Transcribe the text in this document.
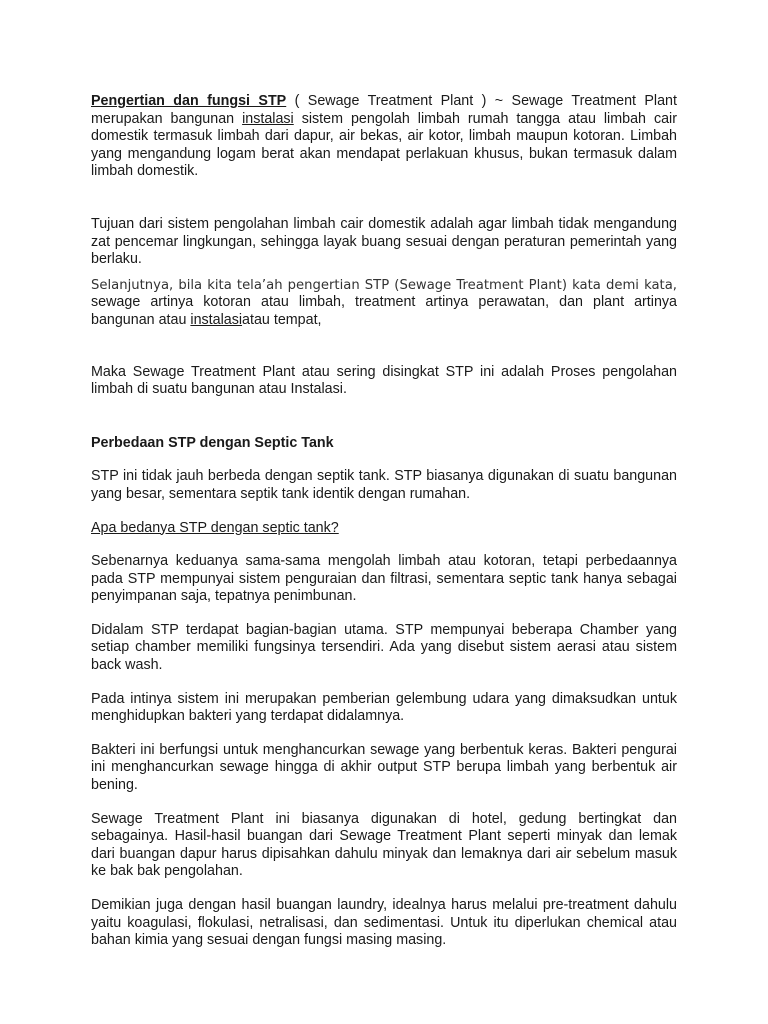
Pengertian dan fungsi STP ( Sewage Treatment Plant ) ~ Sewage Treatment Plant merupakan bangunan instalasi sistem pengolah limbah rumah tangga atau limbah cair domestik termasuk limbah dari dapur, air bekas, air kotor, limbah maupun kotoran. Limbah yang mengandung logam berat akan mendapat perlakuan khusus, bukan termasuk dalam limbah domestik.

Tujuan dari sistem pengolahan limbah cair domestik adalah agar limbah tidak mengandung zat pencemar lingkungan, sehingga layak buang sesuai dengan peraturan pemerintah yang berlaku.

Selanjutnya, bila kita tela’ah pengertian STP (Sewage Treatment Plant) kata demi kata, sewage artinya kotoran atau limbah, treatment artinya perawatan, dan plant artinya bangunan atau instalasiatau tempat,

Maka Sewage Treatment Plant atau sering disingkat STP ini adalah Proses pengolahan limbah di suatu bangunan atau Instalasi.

Perbedaan STP dengan Septic Tank

STP ini tidak jauh berbeda dengan septik tank. STP biasanya digunakan di suatu bangunan yang besar, sementara septik tank identik dengan rumahan.

Apa bedanya STP dengan septic tank?

Sebenarnya keduanya sama-sama mengolah limbah atau kotoran, tetapi perbedaannya pada STP mempunyai sistem penguraian dan filtrasi, sementara septic tank hanya sebagai penyimpanan saja, tepatnya penimbunan.

Didalam STP terdapat bagian-bagian utama. STP mempunyai beberapa Chamber yang setiap chamber memiliki fungsinya tersendiri. Ada yang disebut sistem aerasi atau sistem back wash.

Pada intinya sistem ini merupakan pemberian gelembung udara yang dimaksudkan untuk menghidupkan bakteri yang terdapat didalamnya.

Bakteri ini berfungsi untuk menghancurkan sewage yang berbentuk keras. Bakteri pengurai ini menghancurkan sewage hingga di akhir output STP berupa limbah yang berbentuk air bening.

Sewage Treatment Plant ini biasanya digunakan di hotel, gedung bertingkat dan sebagainya. Hasil-hasil buangan dari Sewage Treatment Plant seperti minyak dan lemak dari buangan dapur harus dipisahkan dahulu minyak dan lemaknya dari air sebelum masuk ke bak bak pengolahan.

Demikian juga dengan hasil buangan laundry, idealnya harus melalui pre-treatment dahulu yaitu koagulasi, flokulasi, netralisasi, dan sedimentasi. Untuk itu diperlukan chemical atau bahan kimia yang sesuai dengan fungsi masing masing.
